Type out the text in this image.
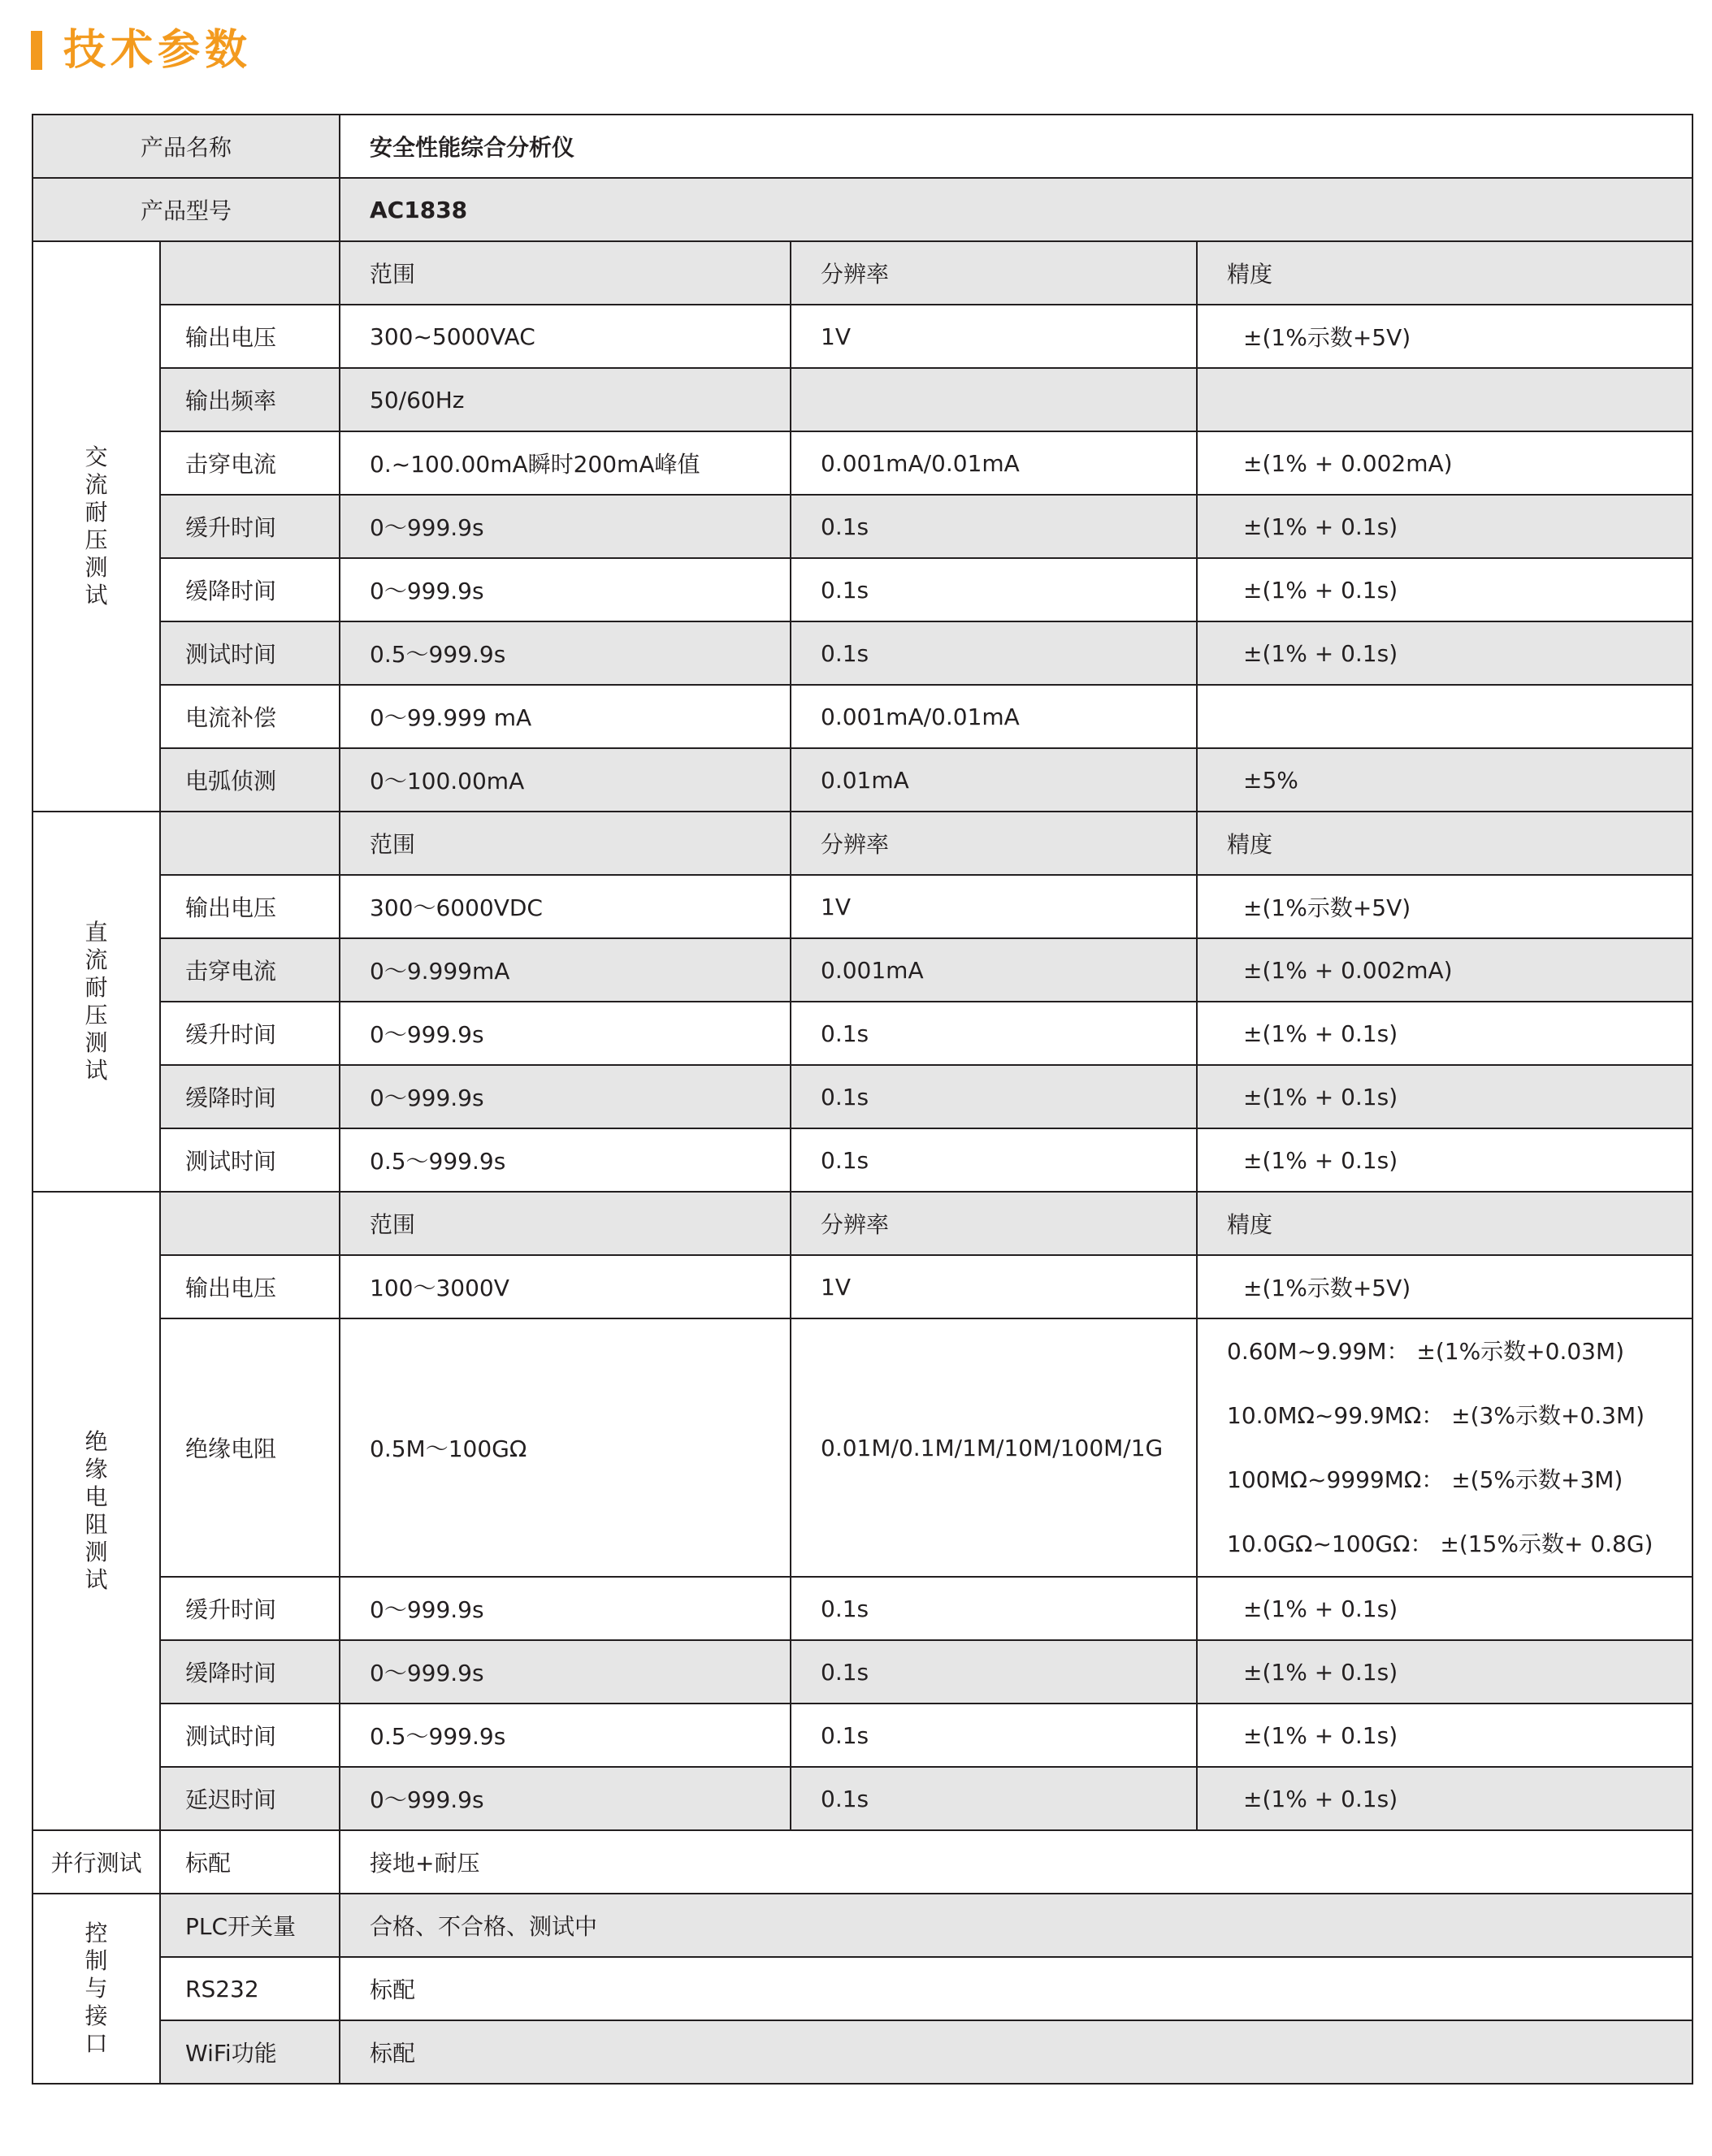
技术参数
产品名称		安全性能综合分析仪		
产品型号		AC1838		
交流耐压测试		范围	分辨率	精度
	输出电压	300~5000VAC	1V	±(1%示数+5V)
	输出频率	50/60Hz		
	击穿电流	0.~100.00mA瞬时200mA峰值	0.001mA/0.01mA	±(1% + 0.002mA)
	缓升时间	0～999.9s	0.1s	±(1% + 0.1s)
	缓降时间	0～999.9s	0.1s	±(1% + 0.1s)
	测试时间	0.5～999.9s	0.1s	±(1% + 0.1s)
	电流补偿	0～99.999 mA	0.001mA/0.01mA	
	电弧侦测	0～100.00mA	0.01mA	±5%
直流耐压测试		范围	分辨率	精度
	输出电压	300～6000VDC	1V	±(1%示数+5V)
	击穿电流	0～9.999mA	0.001mA	±(1% + 0.002mA)
	缓升时间	0～999.9s	0.1s	±(1% + 0.1s)
	缓降时间	0～999.9s	0.1s	±(1% + 0.1s)
	测试时间	0.5～999.9s	0.1s	±(1% + 0.1s)
绝缘电阻测试		范围	分辨率	精度
	输出电压	100～3000V	1V	±(1%示数+5V)
	绝缘电阻	0.5M～100GΩ	0.01M/0.1M/1M/10M/100M/1G	0.60M~9.99M： ±(1%示数+0.03M)
10.0MΩ~99.9MΩ： ±(3%示数+0.3M)
100MΩ~9999MΩ： ±(5%示数+3M)
10.0GΩ~100GΩ： ±(15%示数+ 0.8G)

	缓升时间	0～999.9s	0.1s	±(1% + 0.1s)
	缓降时间	0～999.9s	0.1s	±(1% + 0.1s)
	测试时间	0.5～999.9s	0.1s	±(1% + 0.1s)
	延迟时间	0～999.9s	0.1s	±(1% + 0.1s)
并行测试	标配	接地+耐压		
控制与接口	PLC开关量	合格、不合格、测试中		
	RS232	标配		
	WiFi功能	标配		
